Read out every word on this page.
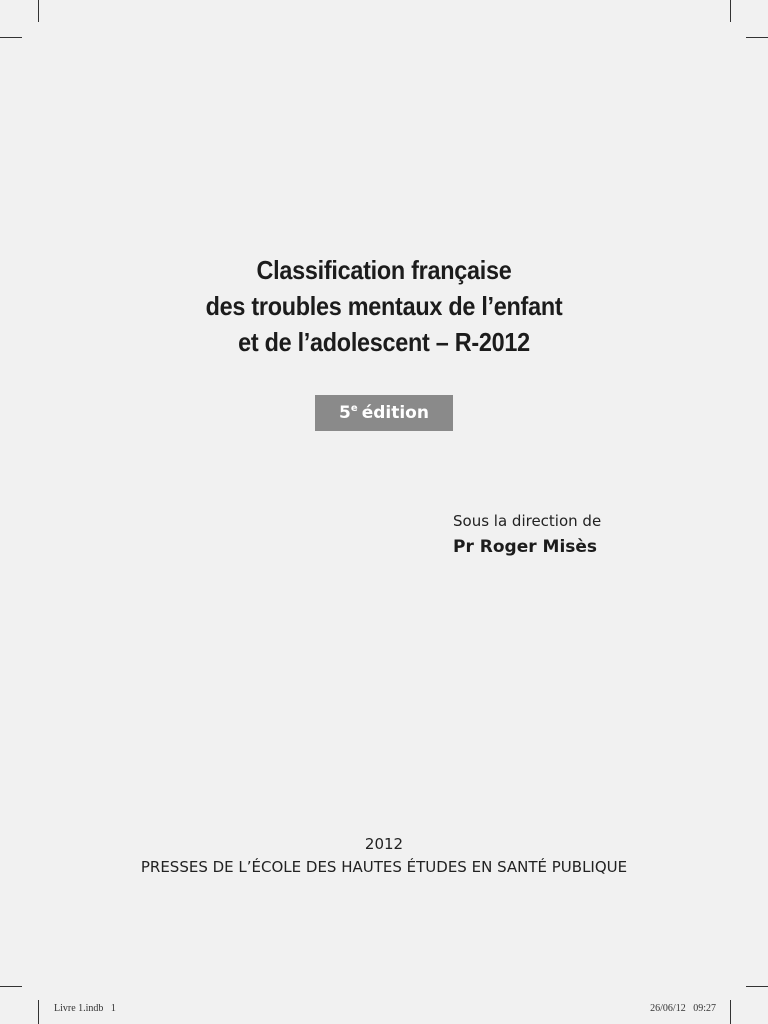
Classification française
des troubles mentaux de l’enfant
et de l’adolescent – R-2012
5e édition
Sous la direction de
Pr Roger Misès
2012
PRESSES DE L’ÉCOLE DES HAUTES ÉTUDES EN SANTÉ PUBLIQUE
Livre 1.indb   1	26/06/12   09:27
